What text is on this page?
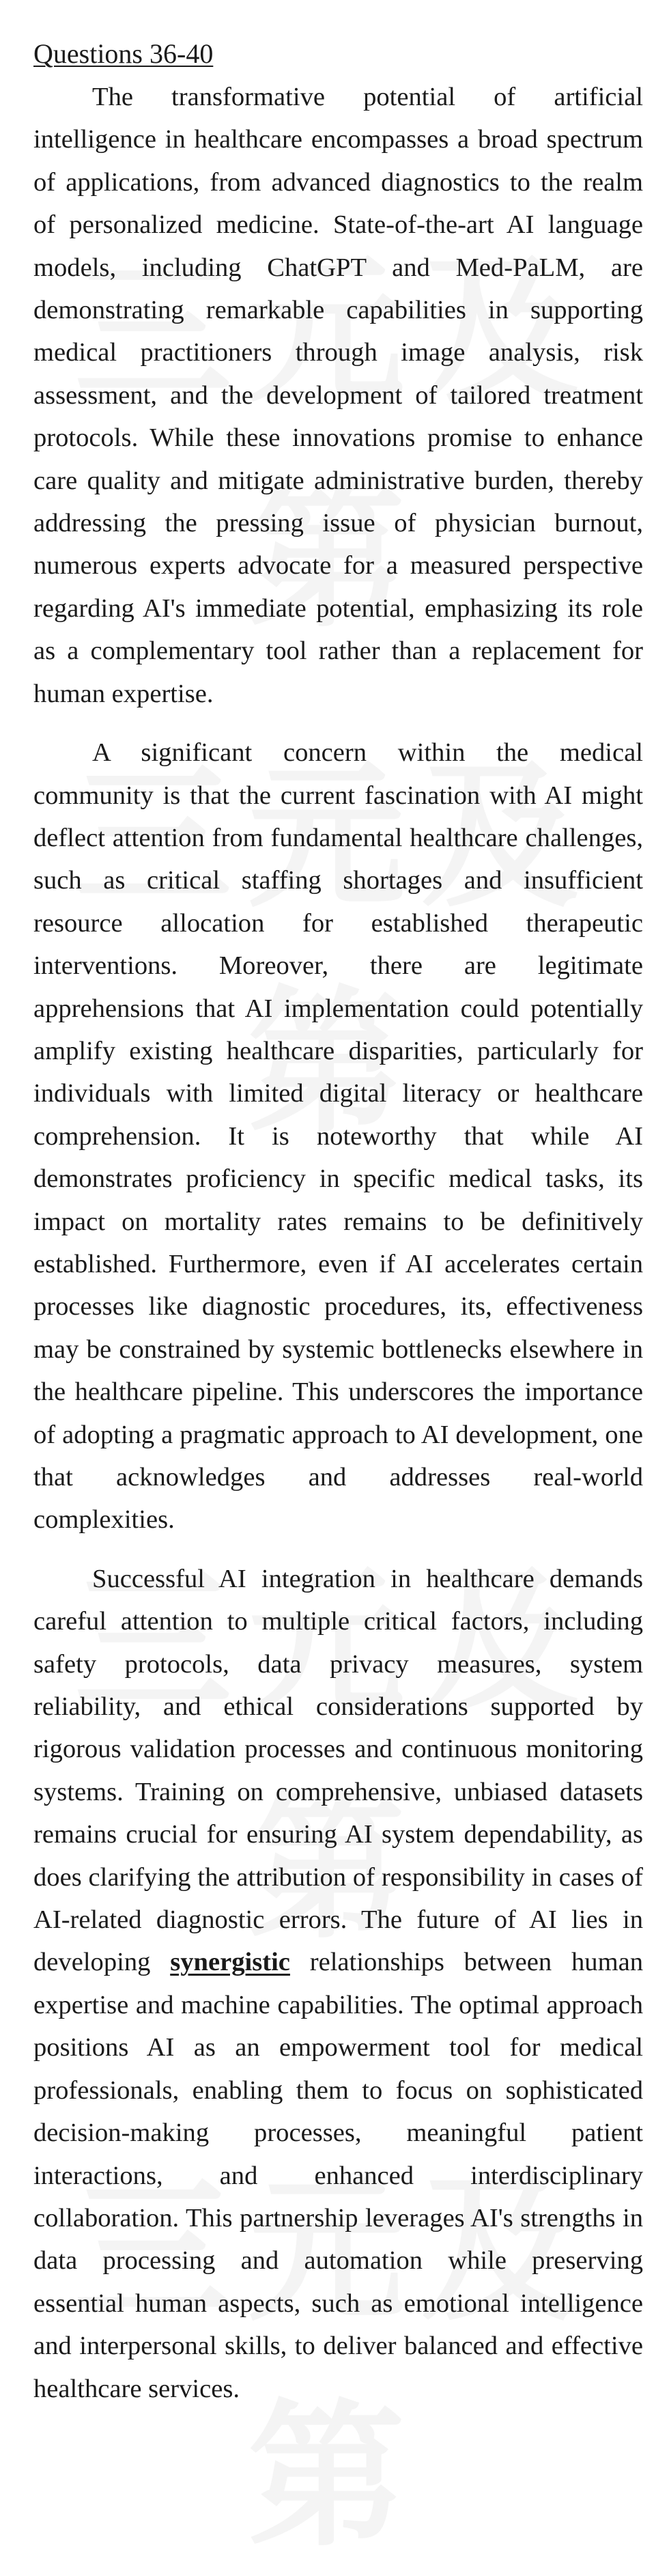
Questions 36-40

The transformative potential of artificial intelligence in healthcare encompasses a broad spectrum of applications, from advanced diagnostics to the realm of personalized medicine. State-of-the-art AI language models, including ChatGPT and Med-PaLM, are demonstrating remarkable capabilities in supporting medical practitioners through image analysis, risk assessment, and the development of tailored treatment protocols. While these innovations promise to enhance care quality and mitigate administrative burden, thereby addressing the pressing issue of physician burnout, numerous experts advocate for a measured perspective regarding AI's immediate potential, emphasizing its role as a complementary tool rather than a replacement for human expertise.

A significant concern within the medical community is that the current fascination with AI might deflect attention from fundamental healthcare challenges, such as critical staffing shortages and insufficient resource allocation for established therapeutic interventions. Moreover, there are legitimate apprehensions that AI implementation could potentially amplify existing healthcare disparities, particularly for individuals with limited digital literacy or healthcare comprehension. It is noteworthy that while AI demonstrates proficiency in specific medical tasks, its impact on mortality rates remains to be definitively established. Furthermore, even if AI accelerates certain processes like diagnostic procedures, its, effectiveness may be constrained by systemic bottlenecks elsewhere in the healthcare pipeline. This underscores the importance of adopting a pragmatic approach to AI development, one that acknowledges and addresses real-world complexities.

Successful AI integration in healthcare demands careful attention to multiple critical factors, including safety protocols, data privacy measures, system reliability, and ethical considerations supported by rigorous validation processes and continuous monitoring systems. Training on comprehensive, unbiased datasets remains crucial for ensuring AI system dependability, as does clarifying the attribution of responsibility in cases of AI-related diagnostic errors. The future of AI lies in developing synergistic relationships between human expertise and machine capabilities. The optimal approach positions AI as an empowerment tool for medical professionals, enabling them to focus on sophisticated decision-making processes, meaningful patient interactions, and enhanced interdisciplinary collaboration. This partnership leverages AI's strengths in data processing and automation while preserving essential human aspects, such as emotional intelligence and interpersonal skills, to deliver balanced and effective healthcare services.
